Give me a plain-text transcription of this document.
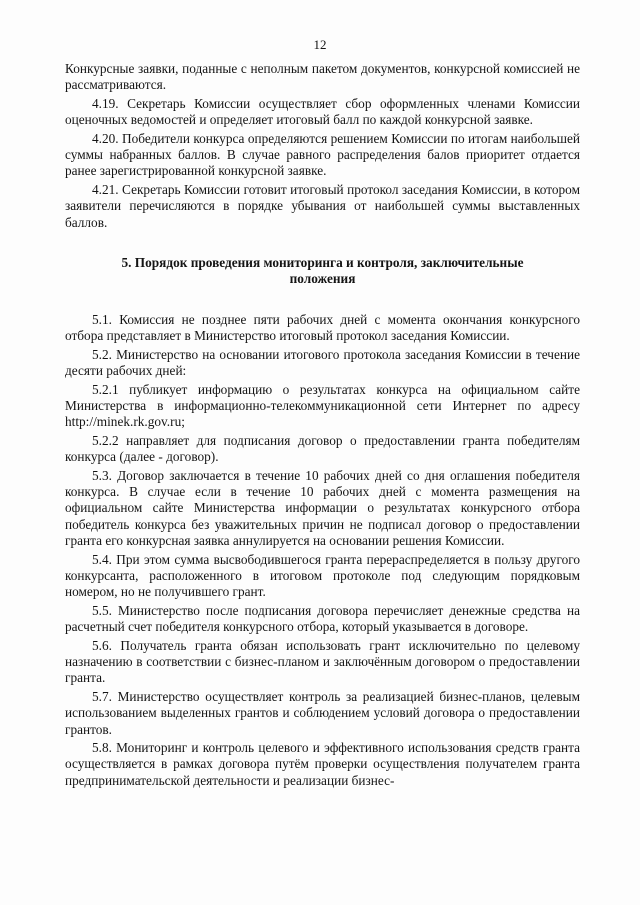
12

Конкурсные заявки, поданные с неполным пакетом документов, конкурсной комиссией не рассматриваются.

4.19. Секретарь Комиссии осуществляет сбор оформленных членами Комиссии оценочных ведомостей и определяет итоговый балл по каждой конкурсной заявке.

4.20. Победители конкурса определяются решением Комиссии по итогам наибольшей суммы набранных баллов. В случае равного распределения балов приоритет отдается ранее зарегистрированной конкурсной заявке.

4.21. Секретарь Комиссии готовит итоговый протокол заседания Комиссии, в котором заявители перечисляются в порядке убывания от наибольшей суммы выставленных баллов.

5. Порядок проведения мониторинга и контроля, заключительные
положения

5.1. Комиссия не позднее пяти рабочих дней с момента окончания конкурсного отбора представляет в Министерство итоговый протокол заседания Комиссии.

5.2. Министерство на основании итогового протокола заседания Комиссии в течение десяти рабочих дней:

5.2.1 публикует информацию о результатах конкурса на официальном сайте Министерства в информационно-телекоммуникационной сети Интернет по адресу http://minek.rk.gov.ru;

5.2.2 направляет для подписания договор о предоставлении гранта победителям конкурса (далее - договор).

5.3. Договор заключается в течение 10 рабочих дней со дня оглашения победителя конкурса. В случае если в течение 10 рабочих дней с момента размещения на официальном сайте Министерства информации о результатах конкурсного отбора победитель конкурса без уважительных причин не подписал договор о предоставлении гранта его конкурсная заявка аннулируется на основании решения Комиссии.

5.4. При этом сумма высвободившегося гранта перераспределяется в пользу другого конкурсанта, расположенного в итоговом протоколе под следующим порядковым номером, но не получившего грант.

5.5. Министерство после подписания договора перечисляет денежные средства на расчетный счет победителя конкурсного отбора, который указывается в договоре.

5.6. Получатель гранта обязан использовать грант исключительно по целевому назначению в соответствии с бизнес-планом и заключённым договором о предоставлении гранта.

5.7. Министерство осуществляет контроль за реализацией бизнес-планов, целевым использованием выделенных грантов и соблюдением условий договора о предоставлении грантов.

5.8. Мониторинг и контроль целевого и эффективного использования средств гранта осуществляется в рамках договора путём проверки осуществления получателем гранта предпринимательской деятельности и реализации бизнес-
